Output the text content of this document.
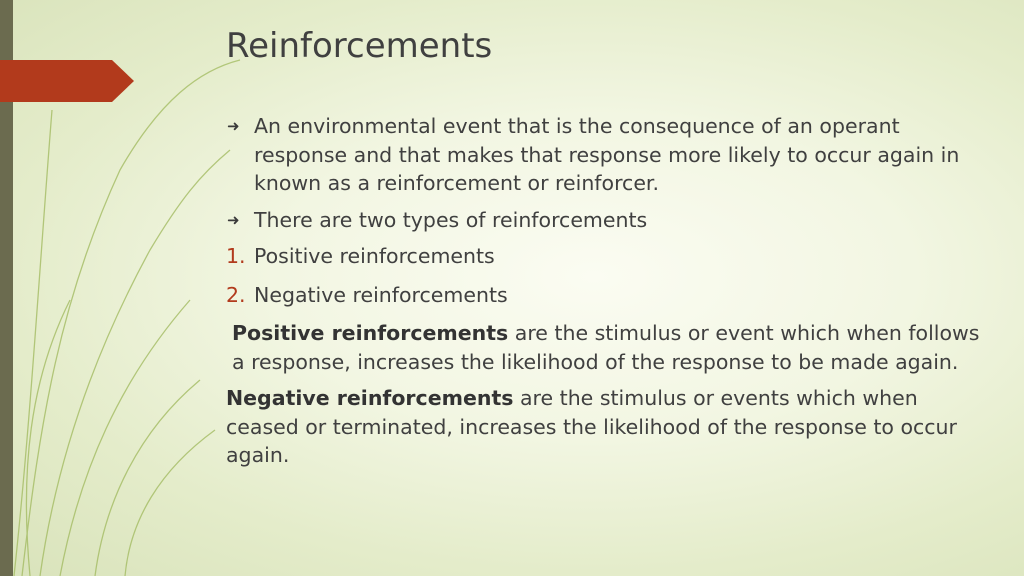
Reinforcements
➜ An environmental event that is the consequence of an operant response and that makes that response more likely to occur again in known as a reinforcement or reinforcer.
➜ There are two types of reinforcements
1. Positive reinforcements
2. Negative reinforcements

Positive reinforcements are the stimulus or event which when follows a response, increases the likelihood of the response to be made again.

Negative reinforcements are the stimulus or events which when ceased or terminated, increases the likelihood of the response to occur again.
